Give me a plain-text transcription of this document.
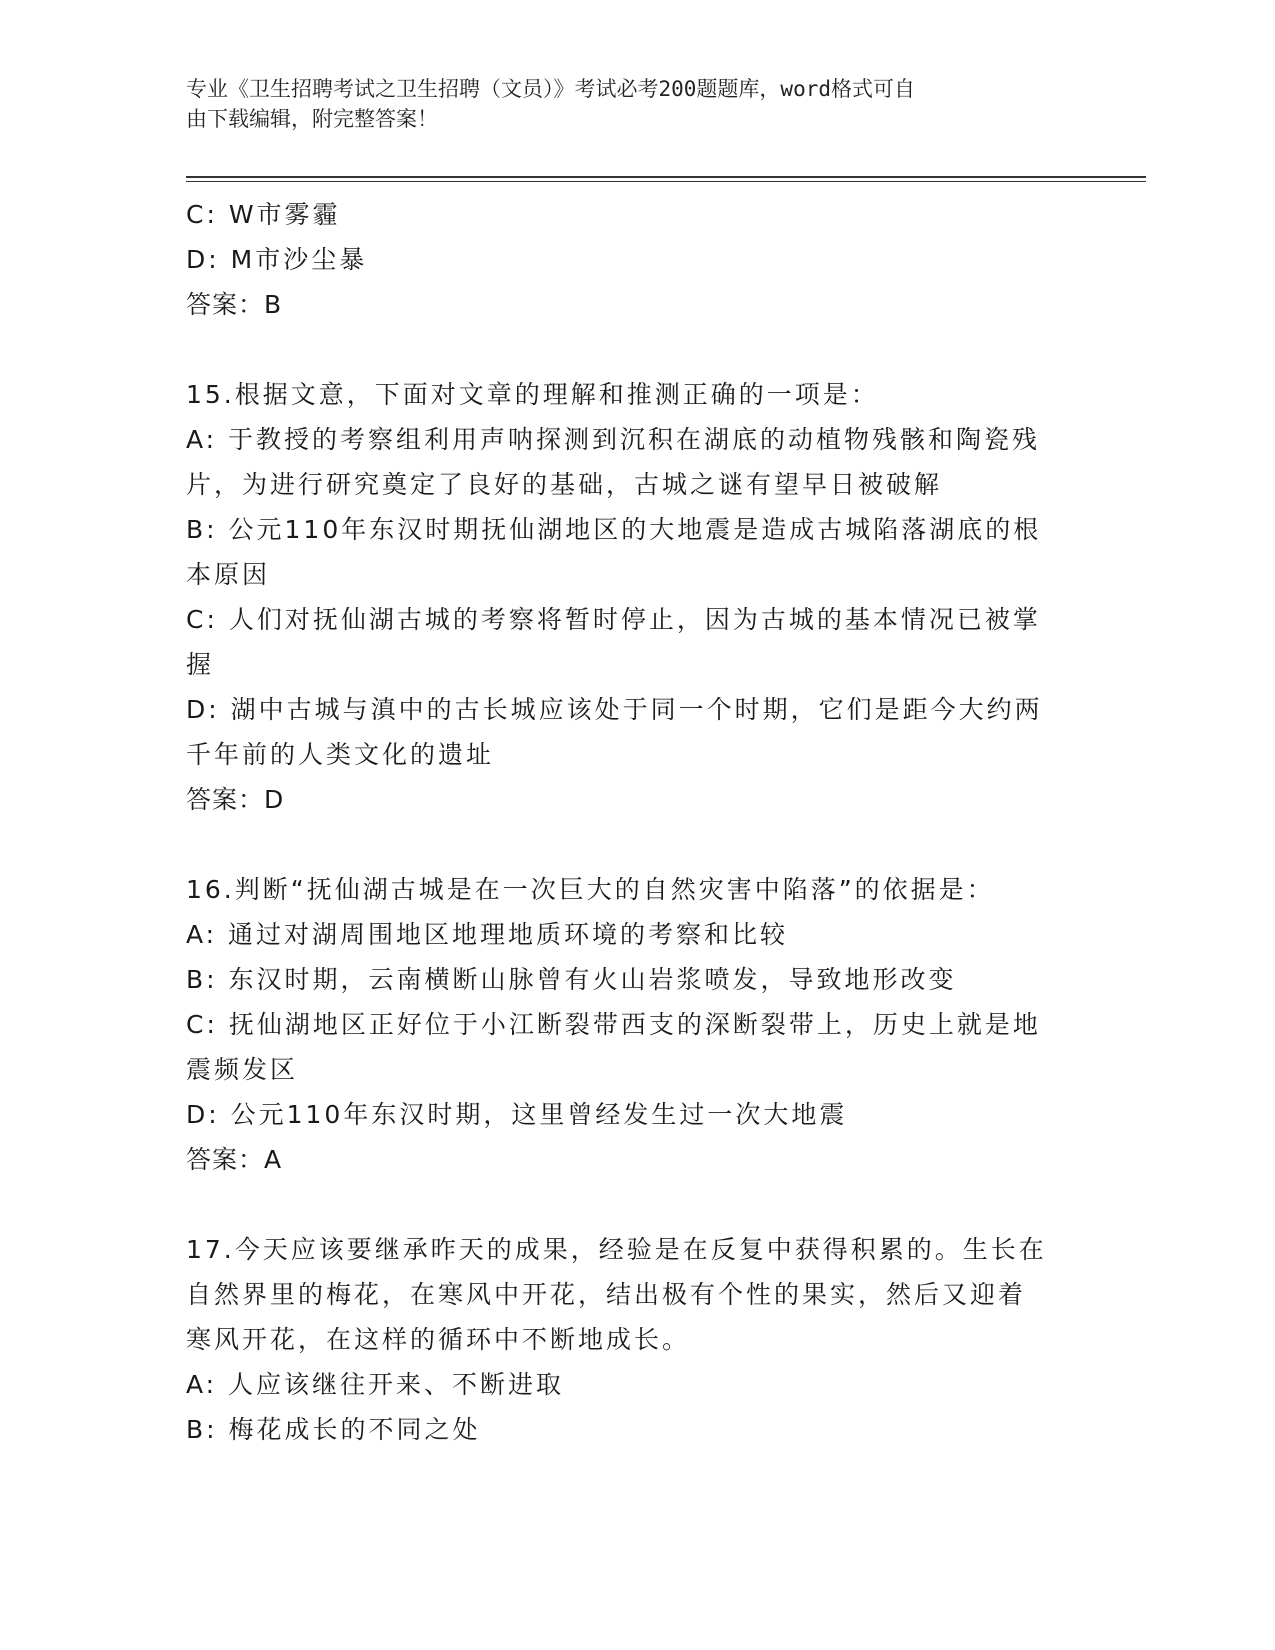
专业《卫生招聘考试之卫生招聘（文员）》考试必考200题题库，word格式可自
由下载编辑，附完整答案！
C: W市雾霾
D: M市沙尘暴
答案：B
15.根据文意，下面对文章的理解和推测正确的一项是：
A: 于教授的考察组利用声呐探测到沉积在湖底的动植物残骸和陶瓷残
片，为进行研究奠定了良好的基础，古城之谜有望早日被破解
B: 公元110年东汉时期抚仙湖地区的大地震是造成古城陷落湖底的根
本原因
C: 人们对抚仙湖古城的考察将暂时停止，因为古城的基本情况已被掌
握
D: 湖中古城与滇中的古长城应该处于同一个时期，它们是距今大约两
千年前的人类文化的遗址
答案：D
16.判断“抚仙湖古城是在一次巨大的自然灾害中陷落”的依据是：
A: 通过对湖周围地区地理地质环境的考察和比较
B: 东汉时期，云南横断山脉曾有火山岩浆喷发，导致地形改变
C: 抚仙湖地区正好位于小江断裂带西支的深断裂带上，历史上就是地
震频发区
D: 公元110年东汉时期，这里曾经发生过一次大地震
答案：A
17.今天应该要继承昨天的成果，经验是在反复中获得积累的。生长在
自然界里的梅花，在寒风中开花，结出极有个性的果实，然后又迎着
寒风开花，在这样的循环中不断地成长。
A: 人应该继往开来、不断进取
B: 梅花成长的不同之处
